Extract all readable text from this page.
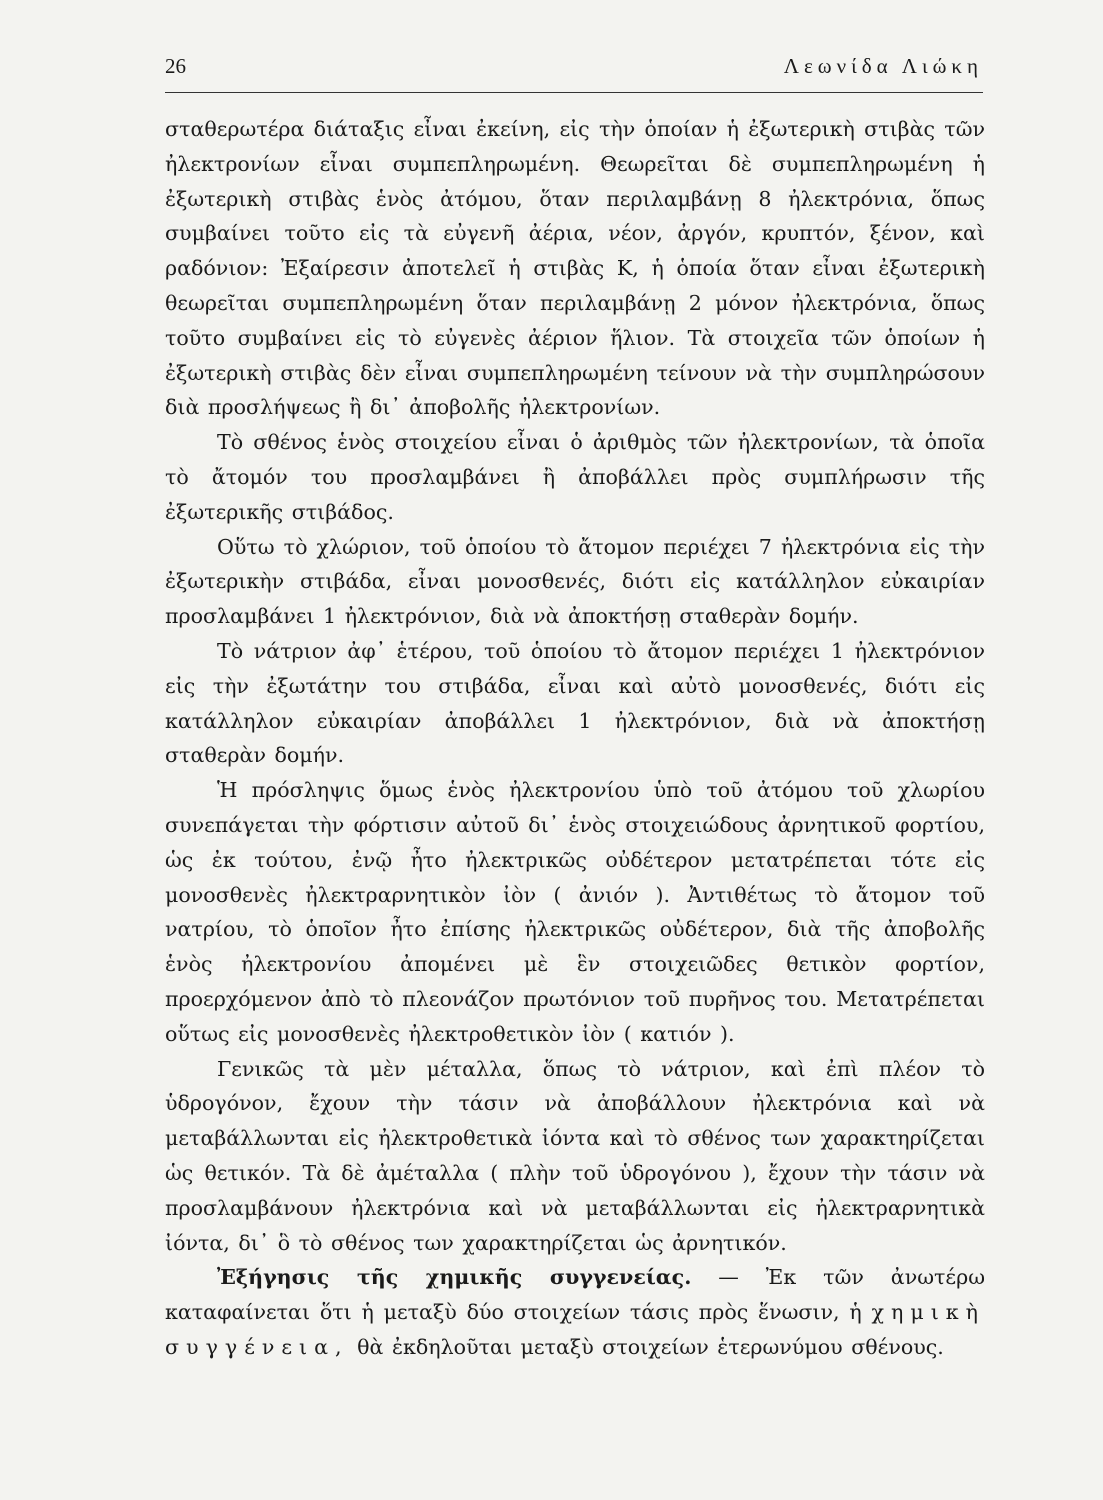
26	Λεωνίδα Λιώκη

σταθερωτέρα διάταξις εἶναι ἐκείνη, εἰς τὴν ὁποίαν ἡ ἐξωτερικὴ στιβὰς τῶν ἠλεκτρονίων εἶναι συμπεπληρωμένη. Θεωρεῖται δὲ συμπεπληρωμένη ἡ ἐξωτερικὴ στιβὰς ἑνὸς ἀτόμου, ὅταν περιλαμβάνῃ 8 ἠλεκτρόνια, ὅπως συμβαίνει τοῦτο εἰς τὰ εὐγενῆ ἀέρια, νέον, ἀργόν, κρυπτόν, ξένον, καὶ ραδόνιον: Ἐξαίρεσιν ἀποτελεῖ ἡ στιβὰς Κ, ἡ ὁποία ὅταν εἶναι ἐξωτερικὴ θεωρεῖται συμπεπληρωμένη ὅταν περιλαμβάνῃ 2 μόνον ἠλεκτρόνια, ὅπως τοῦτο συμβαίνει εἰς τὸ εὐγενὲς ἀέριον ἥλιον. Τὰ στοιχεῖα τῶν ὁποίων ἡ ἐξωτερικὴ στιβὰς δὲν εἶναι συμπεπληρωμένη τείνουν νὰ τὴν συμπληρώσουν διὰ προσλήψεως ἢ δι᾽ ἀποβολῆς ἠλεκτρονίων.

Τὸ σθένος ἑνὸς στοιχείου εἶναι ὁ ἀριθμὸς τῶν ἠλεκτρονίων, τὰ ὁποῖα τὸ ἄτομόν του προσλαμβάνει ἢ ἀποβάλλει πρὸς συμπλήρωσιν τῆς ἐξωτερικῆς στιβάδος.

Οὕτω τὸ χλώριον, τοῦ ὁποίου τὸ ἄτομον περιέχει 7 ἠλεκτρόνια εἰς τὴν ἐξωτερικὴν στιβάδα, εἶναι μονοσθενές, διότι εἰς κατάλληλον εὐκαιρίαν προσλαμβάνει 1 ἠλεκτρόνιον, διὰ νὰ ἀποκτήσῃ σταθερὰν δομήν.

Τὸ νάτριον ἀφ᾽ ἑτέρου, τοῦ ὁποίου τὸ ἄτομον περιέχει 1 ἠλεκτρόνιον εἰς τὴν ἐξωτάτην του στιβάδα, εἶναι καὶ αὐτὸ μονοσθενές, διότι εἰς κατάλληλον εὐκαιρίαν ἀποβάλλει 1 ἠλεκτρόνιον, διὰ νὰ ἀποκτήσῃ σταθερὰν δομήν.

Ἡ πρόσληψις ὅμως ἑνὸς ἠλεκτρονίου ὑπὸ τοῦ ἀτόμου τοῦ χλωρίου συνεπάγεται τὴν φόρτισιν αὐτοῦ δι᾽ ἑνὸς στοιχειώδους ἀρνητικοῦ φορτίου, ὡς ἐκ τούτου, ἐνῷ ἦτο ἠλεκτρικῶς οὐδέτερον μετατρέπεται τότε εἰς μονοσθενὲς ἠλεκτραρνητικὸν ἰὸν ( ἀνιόν ). Ἀντιθέτως τὸ ἄτομον τοῦ νατρίου, τὸ ὁποῖον ἦτο ἐπίσης ἠλεκτρικῶς οὐδέτερον, διὰ τῆς ἀποβολῆς ἑνὸς ἠλεκτρονίου ἀπομένει μὲ ἓν στοιχειῶδες θετικὸν φορτίον, προερχόμενον ἀπὸ τὸ πλεονάζον πρωτόνιον τοῦ πυρῆνος του. Μετατρέπεται οὕτως εἰς μονοσθενὲς ἠλεκτροθετικὸν ἰὸν ( κατιόν ).

Γενικῶς τὰ μὲν μέταλλα, ὅπως τὸ νάτριον, καὶ ἐπὶ πλέον τὸ ὑδρογόνον, ἔχουν τὴν τάσιν νὰ ἀποβάλλουν ἠλεκτρόνια καὶ νὰ μεταβάλλωνται εἰς ἠλεκτροθετικὰ ἰόντα καὶ τὸ σθένος των χαρακτηρίζεται ὡς θετικόν. Τὰ δὲ ἀμέταλλα ( πλὴν τοῦ ὑδρογόνου ), ἔχουν τὴν τάσιν νὰ προσλαμβάνουν ἠλεκτρόνια καὶ νὰ μεταβάλλωνται εἰς ἠλεκτραρνητικὰ ἰόντα, δι᾽ ὃ τὸ σθένος των χαρακτηρίζεται ὡς ἀρνητικόν.

Ἐξήγησις τῆς χημικῆς συγγενείας. — Ἐκ τῶν ἀνωτέρω καταφαίνεται ὅτι ἡ μεταξὺ δύο στοιχείων τάσις πρὸς ἕνωσιν, ἡ χημικὴ συγγένεια, θὰ ἐκδηλοῦται μεταξὺ στοιχείων ἑτερωνύμου σθένους.
